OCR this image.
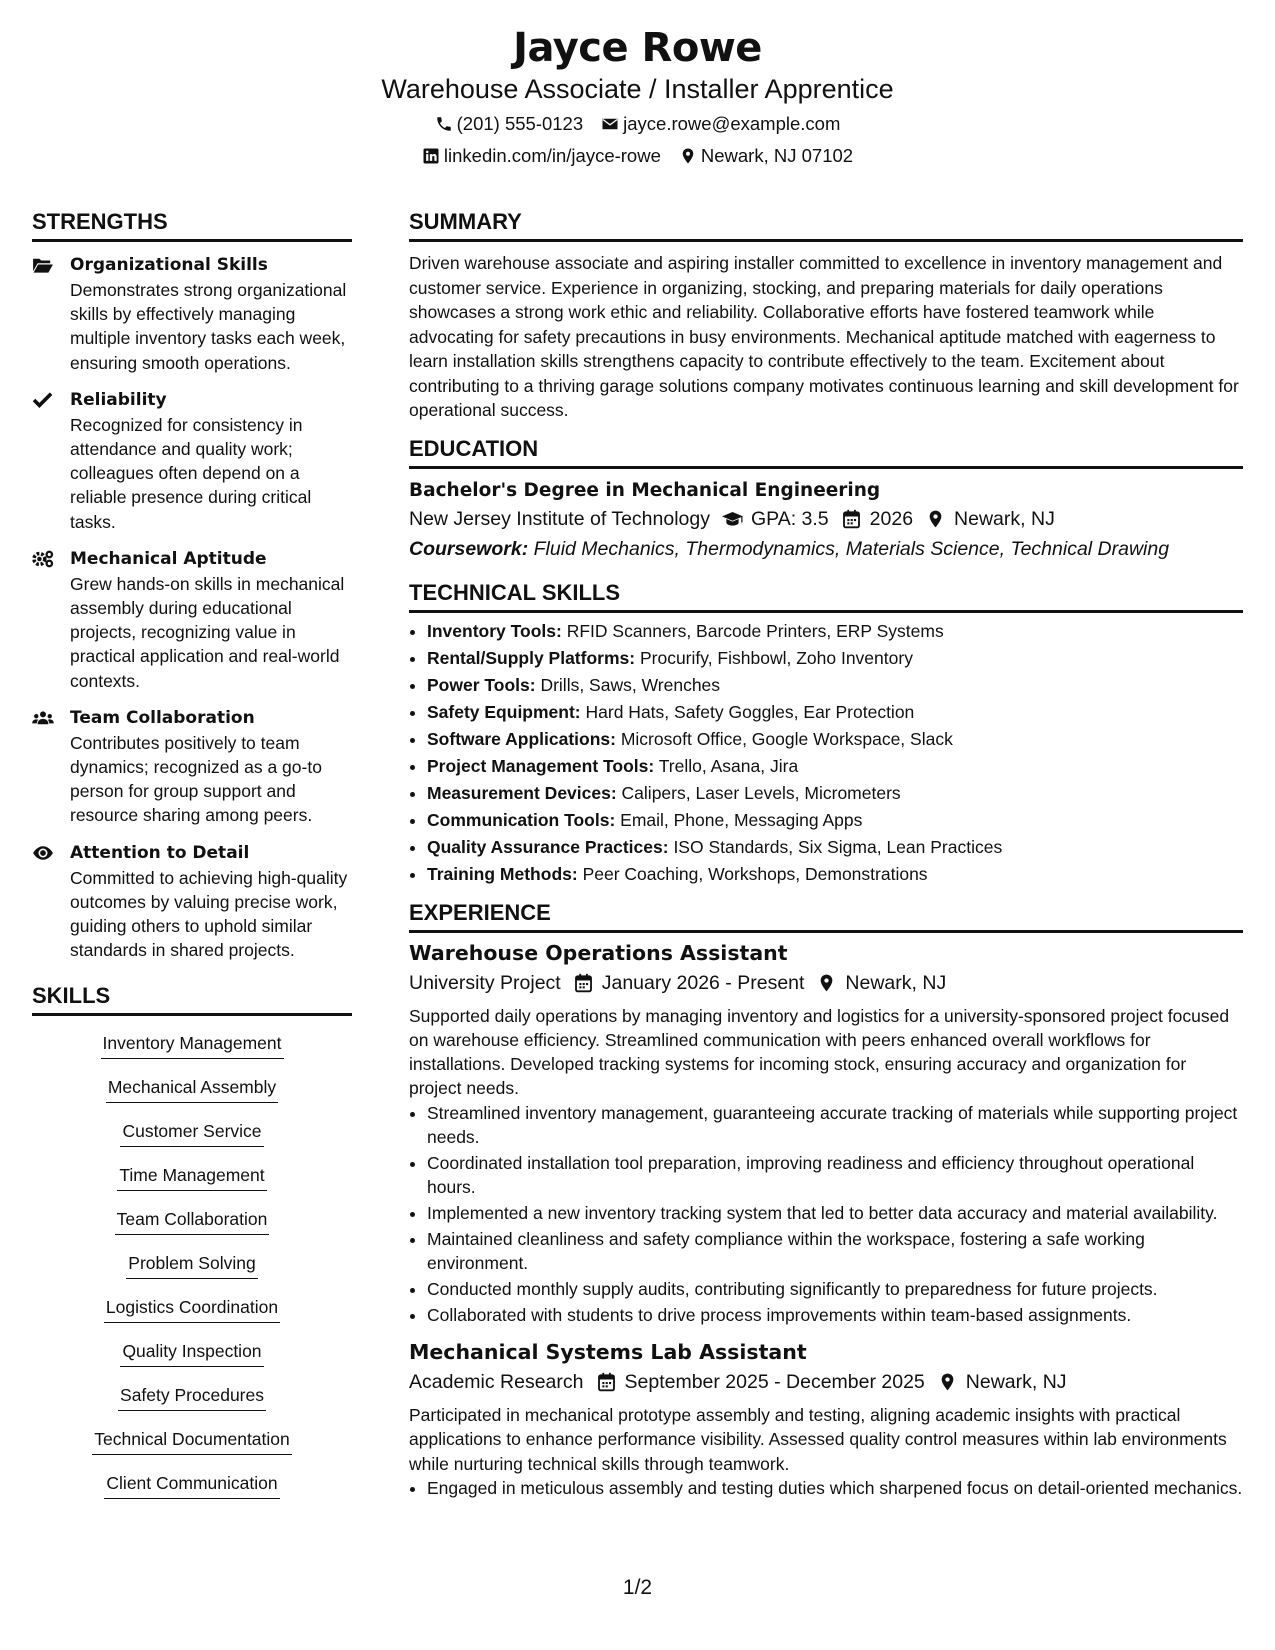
Jayce Rowe
Warehouse Associate / Installer Apprentice
(201) 555-0123 jayce.rowe@example.com
linkedin.com/in/jayce-rowe Newark, NJ 07102
STRENGTHS
Organizational Skills
Demonstrates strong organizational skills by effectively managing multiple inventory tasks each week, ensuring smooth operations.
Reliability
Recognized for consistency in attendance and quality work; colleagues often depend on a reliable presence during critical tasks.
Mechanical Aptitude
Grew hands-on skills in mechanical assembly during educational projects, recognizing value in practical application and real-world contexts.
Team Collaboration
Contributes positively to team dynamics; recognized as a go-to person for group support and resource sharing among peers.
Attention to Detail
Committed to achieving high-quality outcomes by valuing precise work, guiding others to uphold similar standards in shared projects.
SKILLS
Inventory Management
Mechanical Assembly
Customer Service
Time Management
Team Collaboration
Problem Solving
Logistics Coordination
Quality Inspection
Safety Procedures
Technical Documentation
Client Communication
SUMMARY
Driven warehouse associate and aspiring installer committed to excellence in inventory management and customer service. Experience in organizing, stocking, and preparing materials for daily operations showcases a strong work ethic and reliability. Collaborative efforts have fostered teamwork while advocating for safety precautions in busy environments. Mechanical aptitude matched with eagerness to learn installation skills strengthens capacity to contribute effectively to the team. Excitement about contributing to a thriving garage solutions company motivates continuous learning and skill development for operational success.
EDUCATION
Bachelor's Degree in Mechanical Engineering
New Jersey Institute of Technology GPA: 3.5 2026 Newark, NJ
Coursework: Fluid Mechanics, Thermodynamics, Materials Science, Technical Drawing
TECHNICAL SKILLS
• Inventory Tools: RFID Scanners, Barcode Printers, ERP Systems
• Rental/Supply Platforms: Procurify, Fishbowl, Zoho Inventory
• Power Tools: Drills, Saws, Wrenches
• Safety Equipment: Hard Hats, Safety Goggles, Ear Protection
• Software Applications: Microsoft Office, Google Workspace, Slack
• Project Management Tools: Trello, Asana, Jira
• Measurement Devices: Calipers, Laser Levels, Micrometers
• Communication Tools: Email, Phone, Messaging Apps
• Quality Assurance Practices: ISO Standards, Six Sigma, Lean Practices
• Training Methods: Peer Coaching, Workshops, Demonstrations
EXPERIENCE
Warehouse Operations Assistant
University Project January 2026 - Present Newark, NJ
Supported daily operations by managing inventory and logistics for a university-sponsored project focused on warehouse efficiency. Streamlined communication with peers enhanced overall workflows for installations. Developed tracking systems for incoming stock, ensuring accuracy and organization for project needs.
• Streamlined inventory management, guaranteeing accurate tracking of materials while supporting project needs.
• Coordinated installation tool preparation, improving readiness and efficiency throughout operational hours.
• Implemented a new inventory tracking system that led to better data accuracy and material availability.
• Maintained cleanliness and safety compliance within the workspace, fostering a safe working environment.
• Conducted monthly supply audits, contributing significantly to preparedness for future projects.
• Collaborated with students to drive process improvements within team-based assignments.
Mechanical Systems Lab Assistant
Academic Research September 2025 - December 2025 Newark, NJ
Participated in mechanical prototype assembly and testing, aligning academic insights with practical applications to enhance performance visibility. Assessed quality control measures within lab environments while nurturing technical skills through teamwork.
• Engaged in meticulous assembly and testing duties which sharpened focus on detail-oriented mechanics.
1/2
